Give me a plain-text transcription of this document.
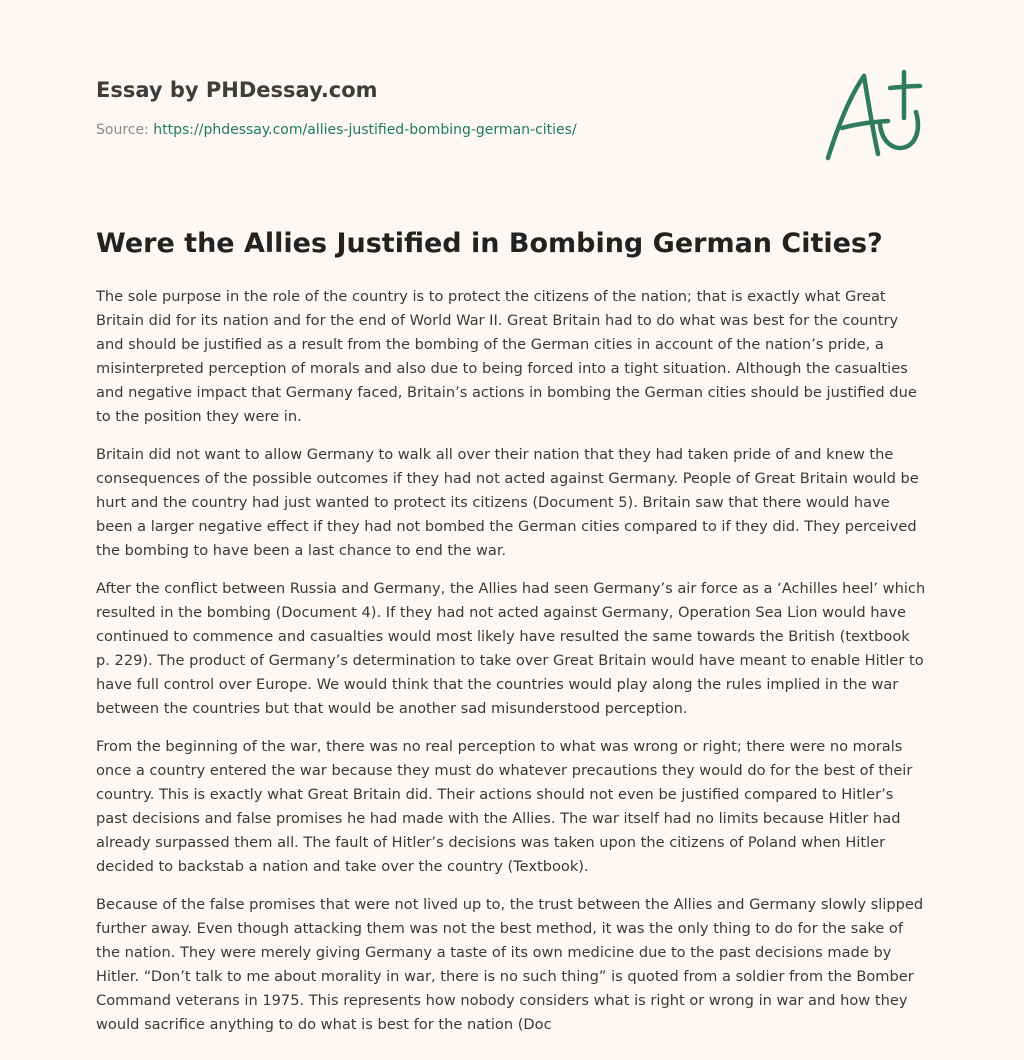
Essay by PHDessay.com
Source: https://phdessay.com/allies-justified-bombing-german-cities/
Were the Allies Justified in Bombing German Cities?

The sole purpose in the role of the country is to protect the citizens of the nation; that is exactly what Great Britain did for its nation and for the end of World War II. Great Britain had to do what was best for the country and should be justified as a result from the bombing of the German cities in account of the nation’s pride, a misinterpreted perception of morals and also due to being forced into a tight situation. Although the casualties and negative impact that Germany faced, Britain’s actions in bombing the German cities should be justified due to the position they were in.

Britain did not want to allow Germany to walk all over their nation that they had taken pride of and knew the consequences of the possible outcomes if they had not acted against Germany. People of Great Britain would be hurt and the country had just wanted to protect its citizens (Document 5). Britain saw that there would have been a larger negative effect if they had not bombed the German cities compared to if they did. They perceived the bombing to have been a last chance to end the war.

After the conflict between Russia and Germany, the Allies had seen Germany’s air force as a ‘Achilles heel’ which resulted in the bombing (Document 4). If they had not acted against Germany, Operation Sea Lion would have continued to commence and casualties would most likely have resulted the same towards the British (textbook p. 229). The product of Germany’s determination to take over Great Britain would have meant to enable Hitler to have full control over Europe. We would think that the countries would play along the rules implied in the war between the countries but that would be another sad misunderstood perception.

From the beginning of the war, there was no real perception to what was wrong or right; there were no morals once a country entered the war because they must do whatever precautions they would do for the best of their country. This is exactly what Great Britain did. Their actions should not even be justified compared to Hitler’s past decisions and false promises he had made with the Allies. The war itself had no limits because Hitler had already surpassed them all. The fault of Hitler’s decisions was taken upon the citizens of Poland when Hitler decided to backstab a nation and take over the country (Textbook).

Because of the false promises that were not lived up to, the trust between the Allies and Germany slowly slipped further away. Even though attacking them was not the best method, it was the only thing to do for the sake of the nation. They were merely giving Germany a taste of its own medicine due to the past decisions made by Hitler. “Don’t talk to me about morality in war, there is no such thing” is quoted from a soldier from the Bomber Command veterans in 1975. This represents how nobody considers what is right or wrong in war and how they would sacrifice anything to do what is best for the nation (Doc
